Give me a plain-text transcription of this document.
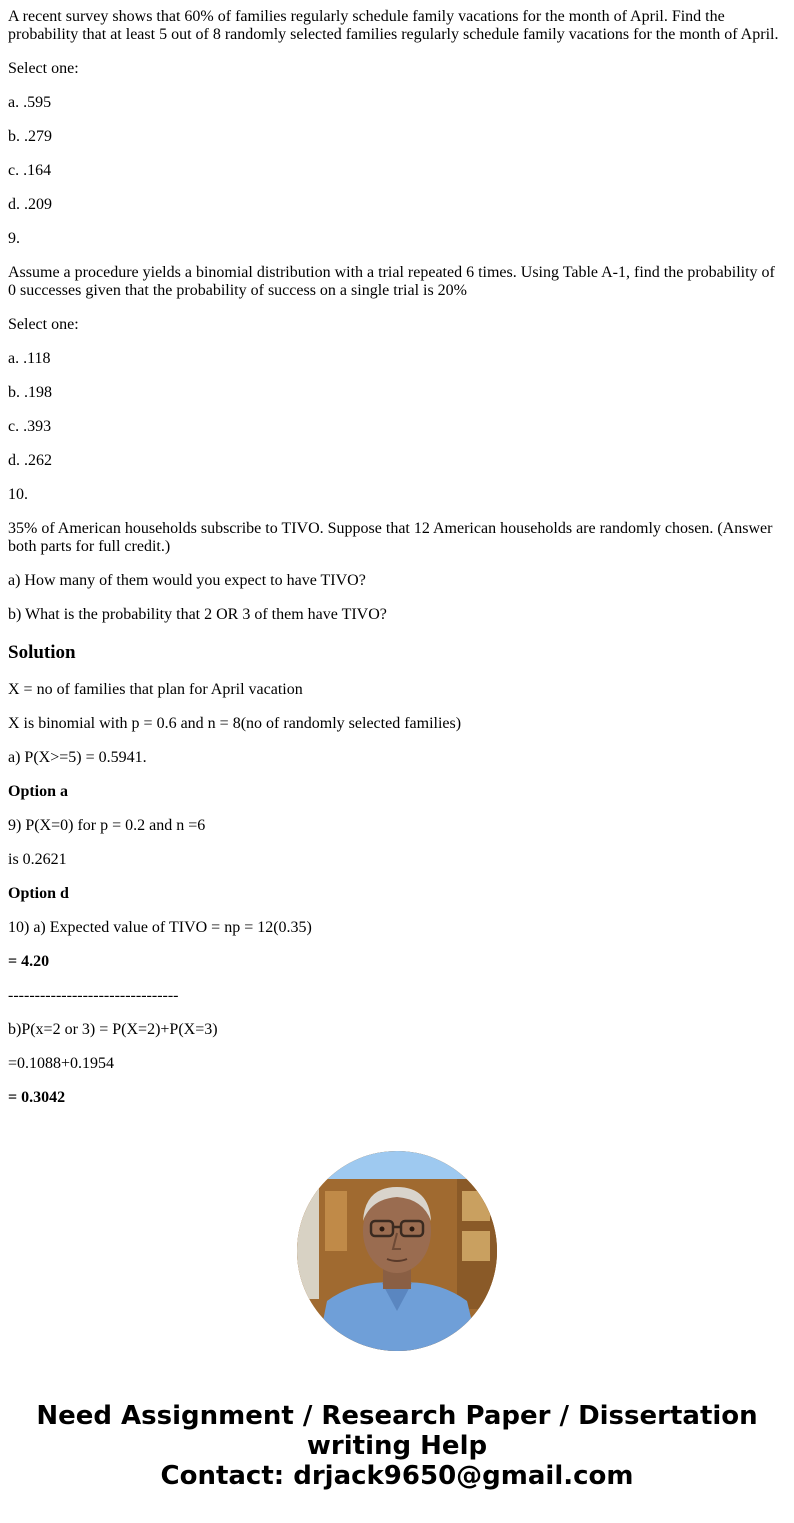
A recent survey shows that 60% of families regularly schedule family vacations for the month of April. Find the probability that at least 5 out of 8 randomly selected families regularly schedule family vacations for the month of April.

Select one:

a. .595

b. .279

c. .164

d. .209

9.

Assume a procedure yields a binomial distribution with a trial repeated 6 times. Using Table A-1, find the probability of 0 successes given that the probability of success on a single trial is 20%

Select one:

a. .118

b. .198

c. .393

d. .262

10.

35% of American households subscribe to TIVO. Suppose that 12 American households are randomly chosen. (Answer both parts for full credit.)

a) How many of them would you expect to have TIVO?

b) What is the probability that 2 OR 3 of them have TIVO?

Solution

X = no of families that plan for April vacation

X is binomial with p = 0.6 and n = 8(no of randomly selected families)

a) P(X>=5) = 0.5941.

Option a

9) P(X=0) for p = 0.2 and n =6

is 0.2621

Option d

10) a) Expected value of TIVO = np = 12(0.35)

= 4.20

--------------------------------

b)P(x=2 or 3) = P(X=2)+P(X=3)

=0.1088+0.1954

= 0.3042

Need Assignment / Research Paper / Dissertation
writing Help
Contact: drjack9650@gmail.com
